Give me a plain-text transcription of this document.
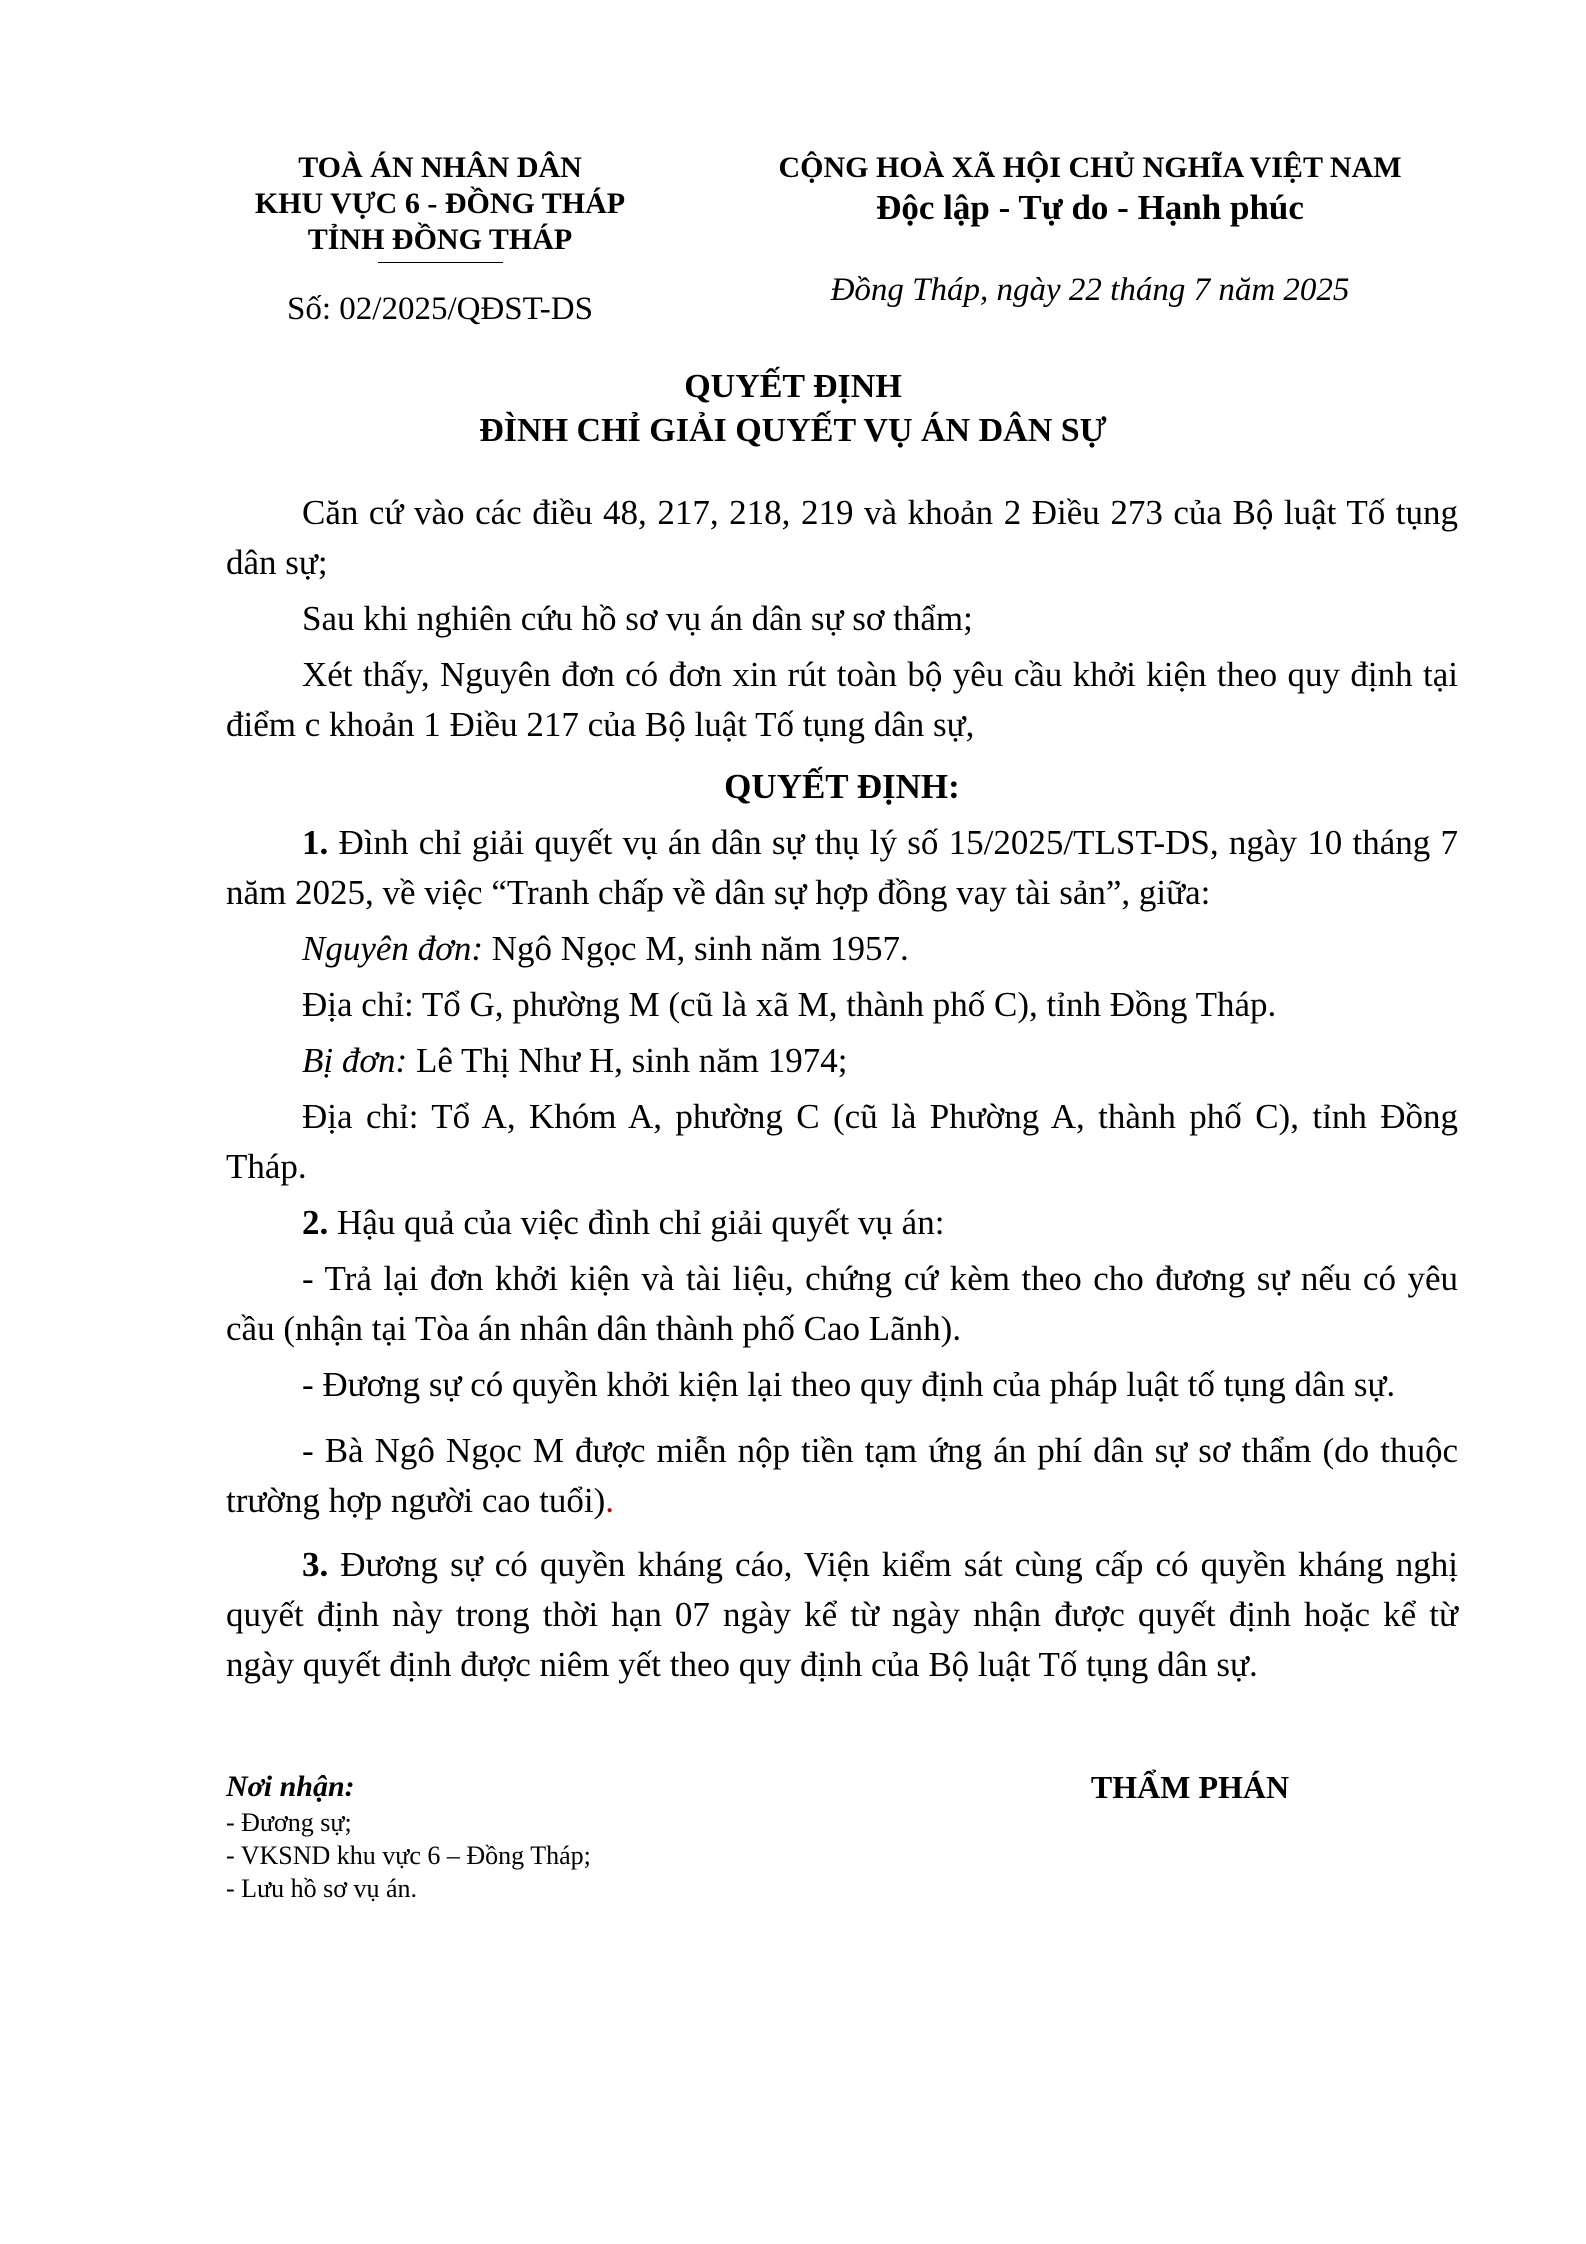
TOÀ ÁN NHÂN DÂN
KHU VỰC 6 - ĐỒNG THÁP
TỈNH ĐỒNG THÁP
Số: 02/2025/QĐST-DS
CỘNG HOÀ XÃ HỘI CHỦ NGHĨA VIỆT NAM
Độc lập - Tự do - Hạnh phúc
Đồng Tháp, ngày 22 tháng 7 năm 2025
QUYẾT ĐỊNH
ĐÌNH CHỈ GIẢI QUYẾT VỤ ÁN DÂN SỰ

Căn cứ vào các điều 48, 217, 218, 219 và khoản 2 Điều 273 của Bộ luật Tố tụng dân sự;

Sau khi nghiên cứu hồ sơ vụ án dân sự sơ thẩm;

Xét thấy, Nguyên đơn có đơn xin rút toàn bộ yêu cầu khởi kiện theo quy định tại điểm c khoản 1 Điều 217 của Bộ luật Tố tụng dân sự,

QUYẾT ĐỊNH:

1. Đình chỉ giải quyết vụ án dân sự thụ lý số 15/2025/TLST-DS, ngày 10 tháng 7 năm 2025, về việc “Tranh chấp về dân sự hợp đồng vay tài sản”, giữa:

Nguyên đơn: Ngô Ngọc M, sinh năm 1957.

Địa chỉ: Tổ G, phường M (cũ là xã M, thành phố C), tỉnh Đồng Tháp.

Bị đơn: Lê Thị Như H, sinh năm 1974;

Địa chỉ: Tổ A, Khóm A, phường C (cũ là Phường A, thành phố C), tỉnh Đồng Tháp.

2. Hậu quả của việc đình chỉ giải quyết vụ án:

- Trả lại đơn khởi kiện và tài liệu, chứng cứ kèm theo cho đương sự nếu có yêu cầu (nhận tại Tòa án nhân dân thành phố Cao Lãnh).

- Đương sự có quyền khởi kiện lại theo quy định của pháp luật tố tụng dân sự.

- Bà Ngô Ngọc M được miễn nộp tiền tạm ứng án phí dân sự sơ thẩm (do thuộc trường hợp người cao tuổi).

3. Đương sự có quyền kháng cáo, Viện kiểm sát cùng cấp có quyền kháng nghị quyết định này trong thời hạn 07 ngày kể từ ngày nhận được quyết định hoặc kể từ ngày quyết định được niêm yết theo quy định của Bộ luật Tố tụng dân sự.

Nơi nhận:
- Đương sự;
- VKSND khu vực 6 – Đồng Tháp;
- Lưu hồ sơ vụ án.
THẨM PHÁN
